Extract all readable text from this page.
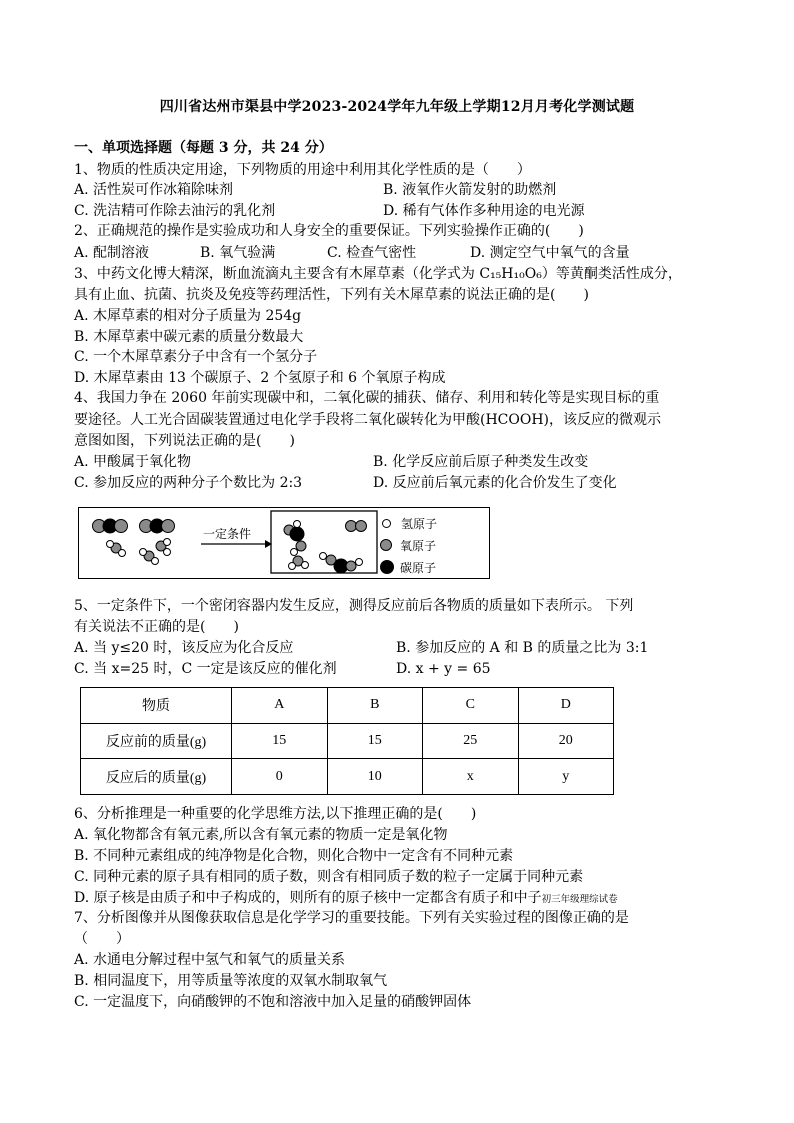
四川省达州市渠县中学2023-2024学年九年级上学期12月月考化学测试题
一、单项选择题（每题 3 分，共 24 分）
1、物质的性质决定用途，下列物质的用途中利用其化学性质的是（　　）
A. 活性炭可作冰箱除味剂	B. 液氧作火箭发射的助燃剂
C. 洗洁精可作除去油污的乳化剂	D. 稀有气体作多种用途的电光源
2、正确规范的操作是实验成功和人身安全的重要保证。下列实验操作正确的(　　)
A. 配制溶液	B. 氧气验满	C. 检查气密性	D. 测定空气中氧气的含量
3、中药文化博大精深，断血流滴丸主要含有木犀草素（化学式为 C₁₅H₁₀O₆）等黄酮类活性成分，
具有止血、抗菌、抗炎及免疫等药理活性，下列有关木犀草素的说法正确的是(　　)
A. 木犀草素的相对分子质量为 254g
B. 木犀草素中碳元素的质量分数最大
C. 一个木犀草素分子中含有一个氢分子
D. 木犀草素由 13 个碳原子、2 个氢原子和 6 个氧原子构成
4、我国力争在 2060 年前实现碳中和，二氧化碳的捕获、储存、利用和转化等是实现目标的重
要途径。人工光合固碳装置通过电化学手段将二氧化碳转化为甲酸(HCOOH)，该反应的微观示
意图如图，下列说法正确的是(　　)
A. 甲酸属于氧化物	B. 化学反应前后原子种类发生改变
C. 参加反应的两种分子个数比为 2:3	D. 反应前后氧元素的化合价发生了变化
一定条件
氢原子
氧原子
碳原子
5、一定条件下，一个密闭容器内发生反应，测得反应前后各物质的质量如下表所示。 下列
有关说法不正确的是(　　)
A. 当 y≤20 时，该反应为化合反应	B. 参加反应的 A 和 B 的质量之比为 3:1
C. 当 x=25 时，C 一定是该反应的催化剂	D. x + y = 65
物质	A	B	C	D
反应前的质量(g)	15	15	25	20
反应后的质量(g)	0	10	x	y
6、分析推理是一种重要的化学思维方法,以下推理正确的是(　　)
A. 氧化物都含有氧元素,所以含有氧元素的物质一定是氧化物
B. 不同种元素组成的纯净物是化合物，则化合物中一定含有不同种元素
C. 同种元素的原子具有相同的质子数，则含有相同质子数的粒子一定属于同种元素
D. 原子核是由质子和中子构成的，则所有的原子核中一定都含有质子和中子初三年级理综试卷
7、分析图像并从图像获取信息是化学学习的重要技能。下列有关实验过程的图像正确的是
（　　）
A. 水通电分解过程中氢气和氧气的质量关系
B. 相同温度下，用等质量等浓度的双氧水制取氧气
C. 一定温度下，向硝酸钾的不饱和溶液中加入足量的硝酸钾固体
